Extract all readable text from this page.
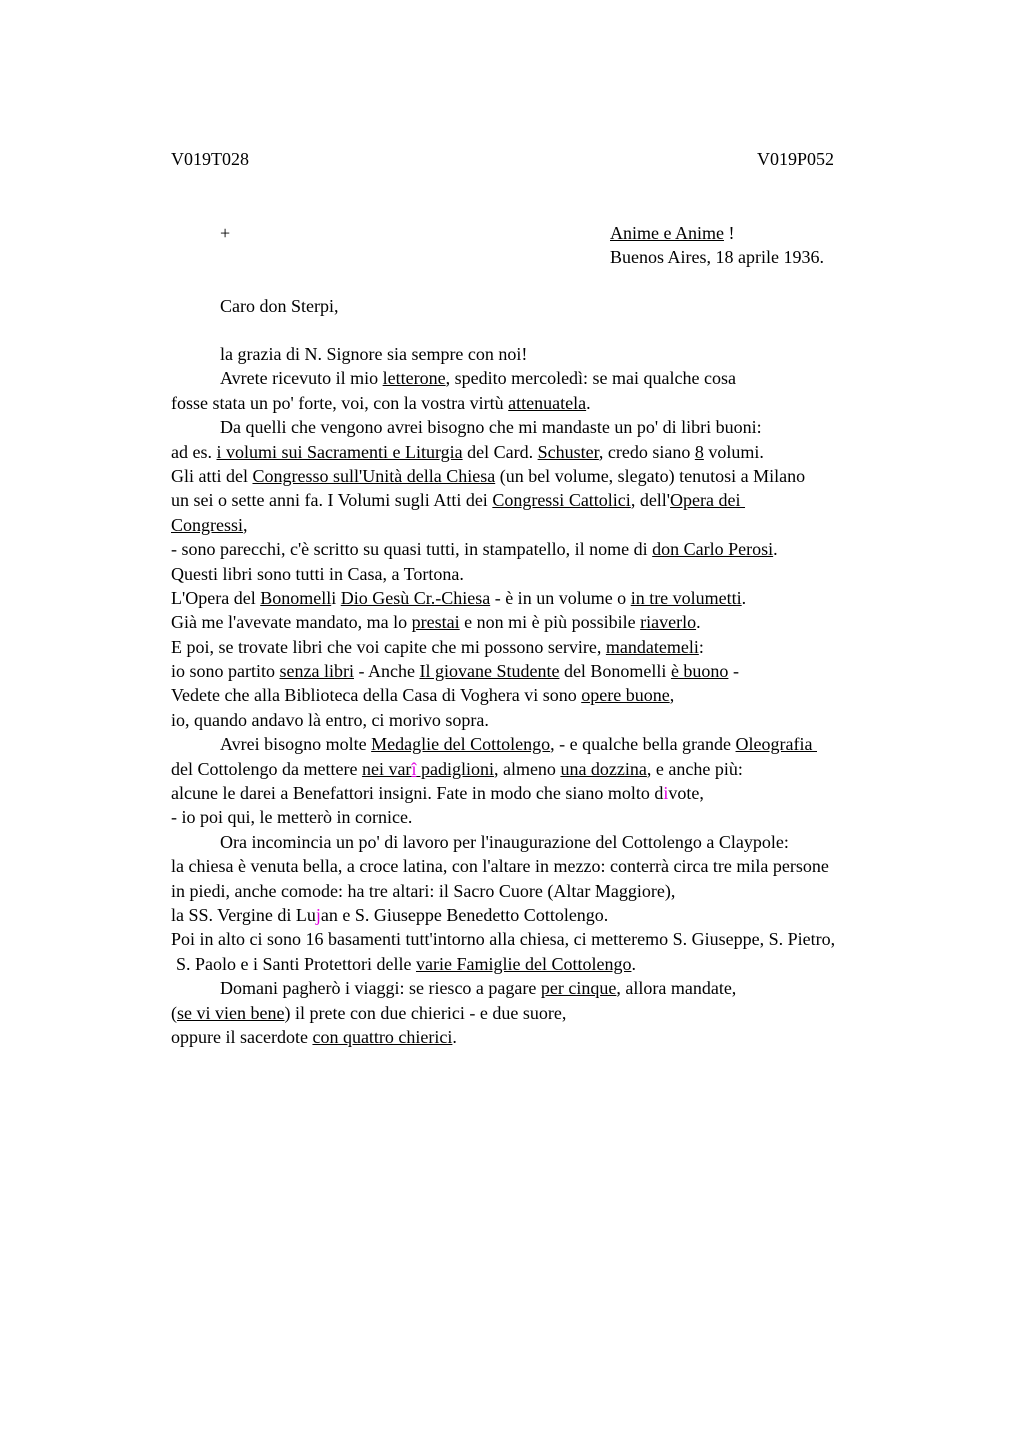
V019T028	V019P052
+	Anime e Anime !
Buenos Aires, 18 aprile 1936.
Caro don Sterpi,
la grazia di N. Signore sia sempre con noi!
Avrete ricevuto il mio letterone, spedito mercoledì: se mai qualche cosa
fosse stata un po' forte, voi, con la vostra virtù attenuatela.
Da quelli che vengono avrei bisogno che mi mandaste un po' di libri buoni:
ad es. i volumi sui Sacramenti e Liturgia del Card. Schuster, credo siano 8 volumi.
Gli atti del Congresso sull'Unità della Chiesa (un bel volume, slegato) tenutosi a Milano
un sei o sette anni fa. I Volumi sugli Atti dei Congressi Cattolici, dell'Opera dei
Congressi,
- sono parecchi, c'è scritto su quasi tutti, in stampatello, il nome di don Carlo Perosi.
Questi libri sono tutti in Casa, a Tortona.
L'Opera del Bonomelli Dio Gesù Cr.-Chiesa - è in un volume o in tre volumetti.
Già me l'avevate mandato, ma lo prestai e non mi è più possibile riaverlo.
E poi, se trovate libri che voi capite che mi possono servire, mandatemeli:
io sono partito senza libri - Anche Il giovane Studente del Bonomelli è buono -
Vedete che alla Biblioteca della Casa di Voghera vi sono opere buone,
io, quando andavo là entro, ci morivo sopra.
Avrei bisogno molte Medaglie del Cottolengo, - e qualche bella grande Oleografia
del Cottolengo da mettere nei varî padiglioni, almeno una dozzina, e anche più:
alcune le darei a Benefattori insigni. Fate in modo che siano molto divote,
- io poi qui, le metterò in cornice.
Ora incomincia un po' di lavoro per l'inaugurazione del Cottolengo a Claypole:
la chiesa è venuta bella, a croce latina, con l'altare in mezzo: conterrà circa tre mila persone
in piedi, anche comode: ha tre altari: il Sacro Cuore (Altar Maggiore),
la SS. Vergine di Lujan e S. Giuseppe Benedetto Cottolengo.
Poi in alto ci sono 16 basamenti tutt'intorno alla chiesa, ci metteremo S. Giuseppe, S. Pietro,
S. Paolo e i Santi Protettori delle varie Famiglie del Cottolengo.
Domani pagherò i viaggi: se riesco a pagare per cinque, allora mandate,
(se vi vien bene) il prete con due chierici - e due suore,
oppure il sacerdote con quattro chierici.
